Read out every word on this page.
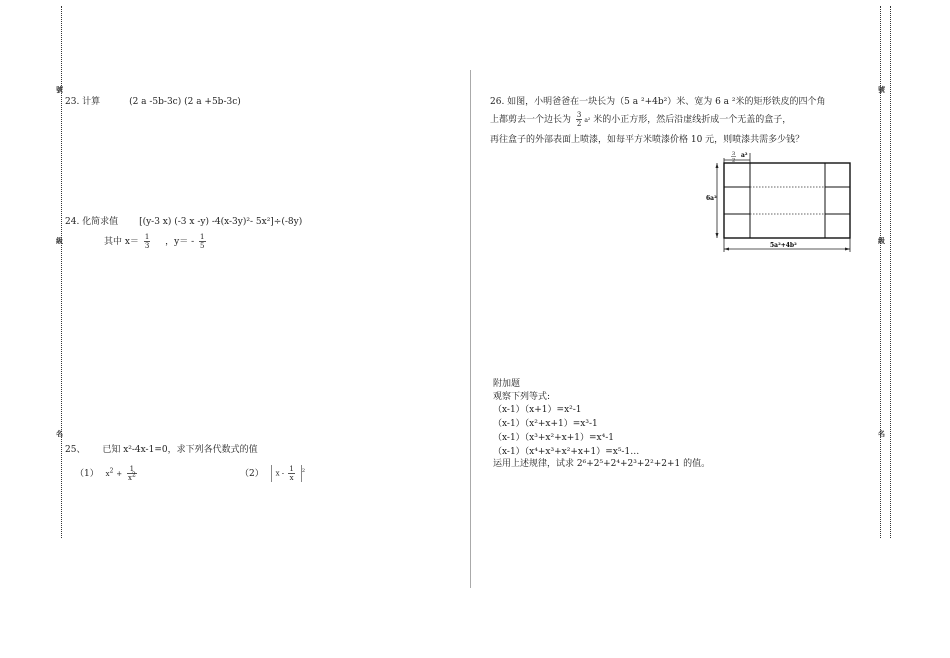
號
級
名
號
級
名
23. 计算	(2 a -5b-3c) (2 a +5b-3c)
24. 化简求值 [(y-3 x) (-3 x -y) -4(x-3y)²- 5x²]÷(-8y)
其中 $x= \frac{1}{3}$ ，$y= - \frac{1}{5}$
25、 已知 x²-4x-1=0，求下列各代数式的值
（1） $x^2 + \frac{1}{x^2}$	（2） x - $\frac{1}{x} ^2$
26. 如图，小明爸爸在一块长为（5 a ²+4b²）米、宽为 6 a ²米的矩形铁皮的四个角
上都剪去一个边长为 $\frac{3}{2} a^2$ 米的小正方形，然后沿虚线折成一个无盖的盒子，
再往盒子的外部表面上喷漆，如每平方米喷漆价格 10 元，则喷漆共需多少钱？
3
2
a²
6a²
5a²+4b²
附加题
观察下列等式:
（x-1）（x+1）=x²-1
（x-1）（x²+x+1）=x³-1
（x-1）（x³+x²+x+1）=x⁴-1
（x-1）（x⁴+x³+x²+x+1）=x⁵-1…
运用上述规律，试求 2⁶+2⁵+2⁴+2³+2²+2+1 的值。
